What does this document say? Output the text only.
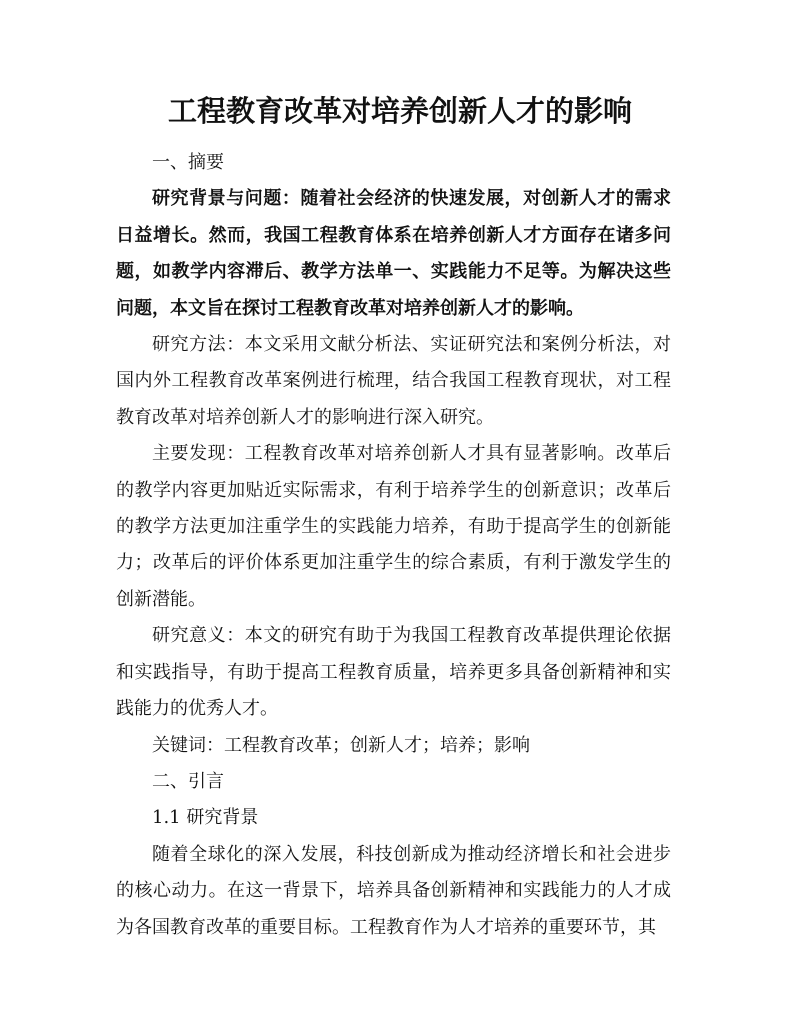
工程教育改革对培养创新人才的影响

一、摘要

研究背景与问题：随着社会经济的快速发展，对创新人才的需求日益增长。然而，我国工程教育体系在培养创新人才方面存在诸多问题，如教学内容滞后、教学方法单一、实践能力不足等。为解决这些问题，本文旨在探讨工程教育改革对培养创新人才的影响。

研究方法：本文采用文献分析法、实证研究法和案例分析法，对国内外工程教育改革案例进行梳理，结合我国工程教育现状，对工程教育改革对培养创新人才的影响进行深入研究。

主要发现：工程教育改革对培养创新人才具有显著影响。改革后的教学内容更加贴近实际需求，有利于培养学生的创新意识；改革后的教学方法更加注重学生的实践能力培养，有助于提高学生的创新能力；改革后的评价体系更加注重学生的综合素质，有利于激发学生的创新潜能。

研究意义：本文的研究有助于为我国工程教育改革提供理论依据和实践指导，有助于提高工程教育质量，培养更多具备创新精神和实践能力的优秀人才。

关键词：工程教育改革；创新人才；培养；影响

二、引言

1.1 研究背景

随着全球化的深入发展，科技创新成为推动经济增长和社会进步的核心动力。在这一背景下，培养具备创新精神和实践能力的人才成为各国教育改革的重要目标。工程教育作为人才培养的重要环节，其
